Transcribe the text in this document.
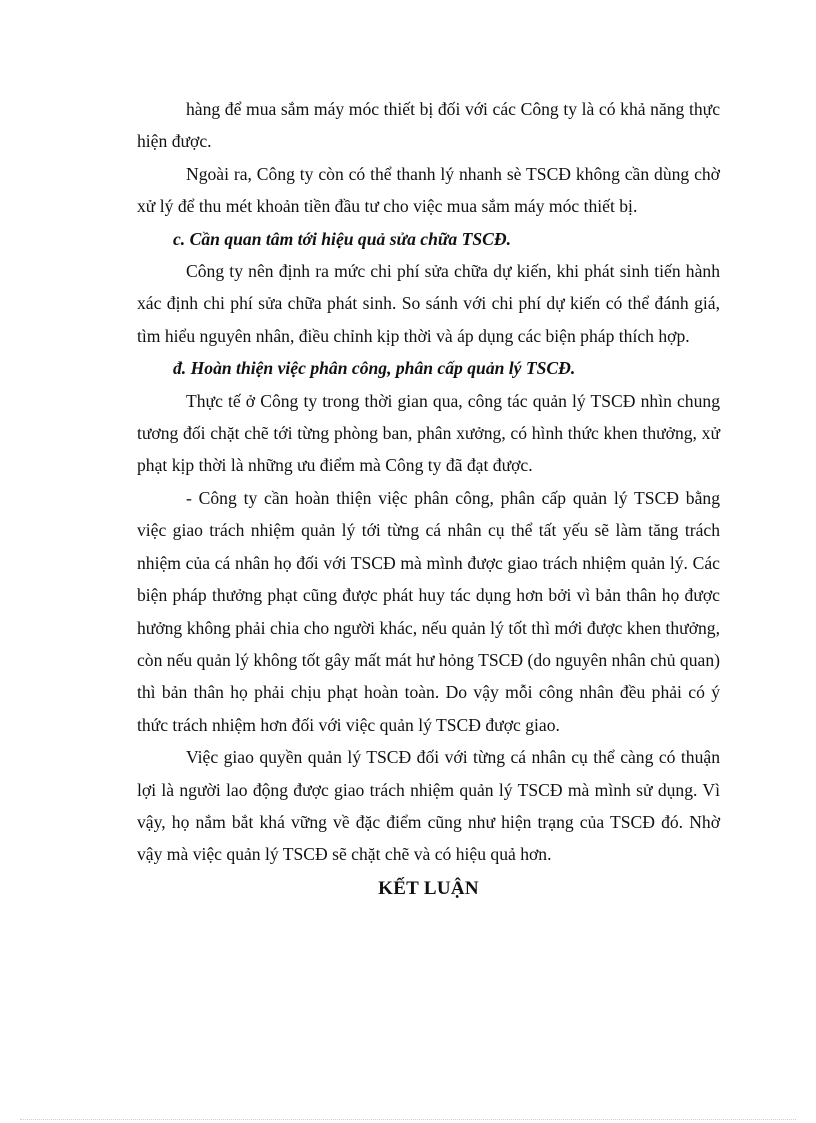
hàng để mua sắm máy móc thiết bị đối với các Công ty là có khả năng thực hiện được.

Ngoài ra, Công ty còn có thể thanh lý nhanh sè TSCĐ không cần dùng chờ xử lý để thu mét khoản tiền đầu tư cho việc mua sắm máy móc thiết bị.

c. Cần quan tâm tới hiệu quả sửa chữa TSCĐ.

Công ty nên định ra mức chi phí sửa chữa dự kiến, khi phát sinh tiến hành xác định chi phí sửa chữa phát sinh. So sánh với chi phí dự kiến có thể đánh giá, tìm hiểu nguyên nhân, điều chỉnh kịp thời và áp dụng các biện pháp thích hợp.

đ. Hoàn thiện việc phân công, phân cấp quản lý TSCĐ.

Thực tế ở Công ty trong thời gian qua, công tác quản lý TSCĐ nhìn chung tương đối chặt chẽ tới từng phòng ban, phân xưởng, có hình thức khen thưởng, xử phạt kịp thời là những ưu điểm mà Công ty đã đạt được.

- Công ty cần hoàn thiện việc phân công, phân cấp quản lý TSCĐ bằng việc giao trách nhiệm quản lý tới từng cá nhân cụ thể tất yếu sẽ làm tăng trách nhiệm của cá nhân họ đối với TSCĐ mà mình được giao trách nhiệm quản lý. Các biện pháp thưởng phạt cũng được phát huy tác dụng hơn bởi vì bản thân họ được hưởng không phải chia cho người khác, nếu quản lý tốt thì mới được khen thưởng, còn nếu quản lý không tốt gây mất mát hư hỏng TSCĐ (do nguyên nhân chủ quan) thì bản thân họ phải chịu phạt hoàn toàn. Do vậy mỗi công nhân đều phải có ý thức trách nhiệm hơn đối với việc quản lý TSCĐ được giao.

Việc giao quyền quản lý TSCĐ đối với từng cá nhân cụ thể càng có thuận lợi là người lao động được giao trách nhiệm quản lý TSCĐ mà mình sử dụng. Vì vậy, họ nắm bắt khá vững về đặc điểm cũng như hiện trạng của TSCĐ đó. Nhờ vậy mà việc quản lý TSCĐ sẽ chặt chẽ và có hiệu quả hơn.

KẾT LUẬN
